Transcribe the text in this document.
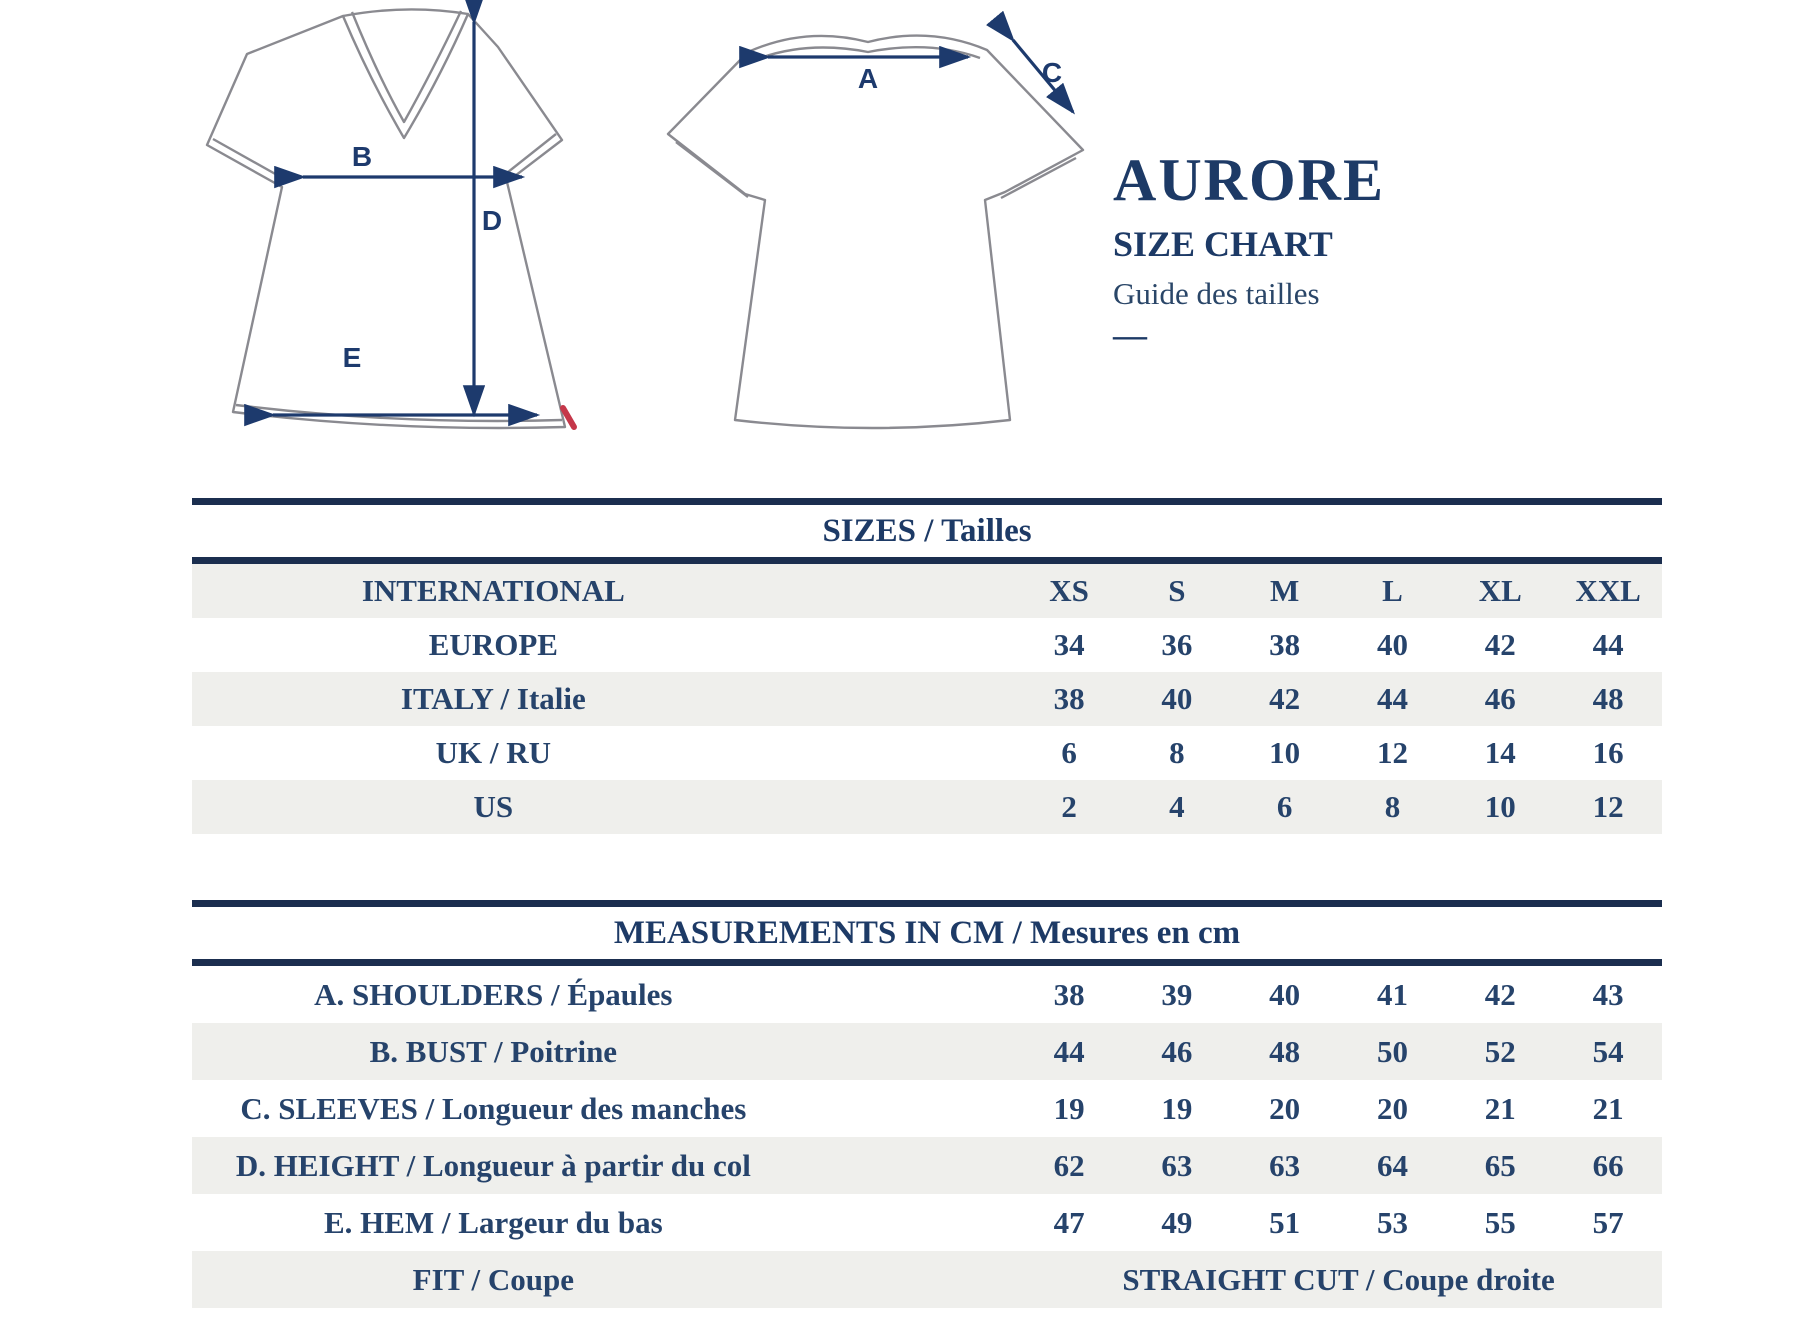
B
D
E
A	C
AURORE
SIZE CHART
Guide des tailles
—
SIZES / Tailles
INTERNATIONAL	XS	S	M	L	XL	XXL
EUROPE	34	36	38	40	42	44
ITALY / Italie	38	40	42	44	46	48
UK / RU	6	8	10	12	14	16
US	2	4	6	8	10	12
MEASUREMENTS IN CM / Mesures en cm
A. SHOULDERS / Épaules	38	39	40	41	42	43
B. BUST / Poitrine	44	46	48	50	52	54
C. SLEEVES / Longueur des manches	19	19	20	20	21	21
D. HEIGHT / Longueur à partir du col	62	63	63	64	65	66
E. HEM / Largeur du bas	47	49	51	53	55	57
FIT / Coupe	STRAIGHT CUT / Coupe droite
